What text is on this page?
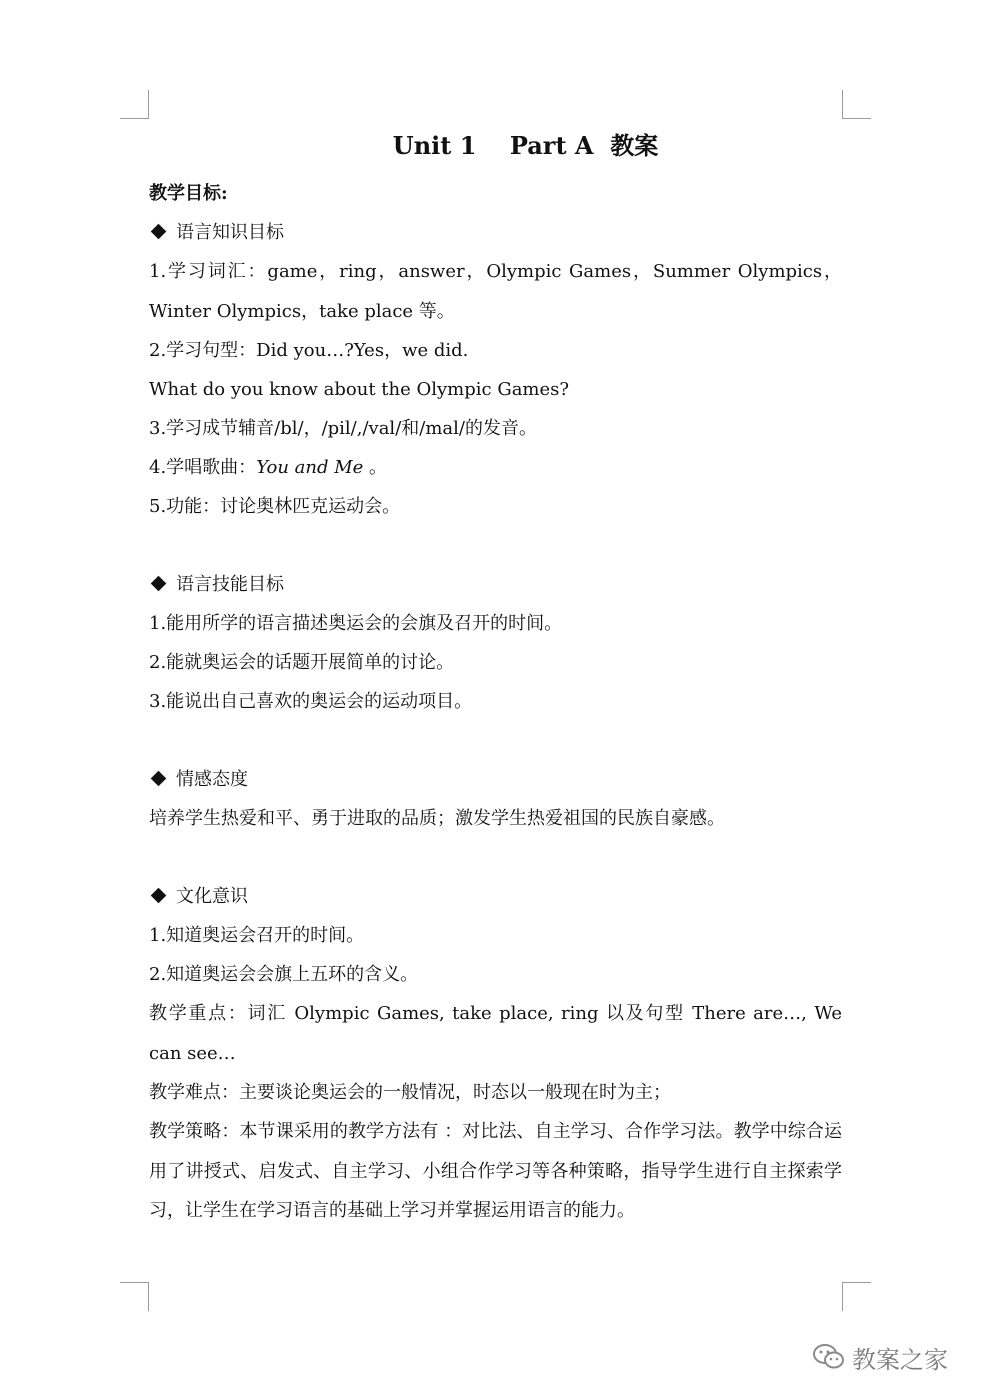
Unit 1    Part A  教案
教学目标:
语言知识目标

1.学习词汇：game，ring，answer，Olympic Games，Summer Olympics，Winter Olympics，take place 等。

2.学习句型：Did you…?Yes，we did.
What do you know about the Olympic Games?
3.学习成节辅音/bl/，/pil/,/val/和/mal/的发音。
4.学唱歌曲：You and Me 。
5.功能：讨论奥林匹克运动会。
语言技能目标
1.能用所学的语言描述奥运会的会旗及召开的时间。
2.能就奥运会的话题开展简单的讨论。
3.能说出自己喜欢的奥运会的运动项目。
情感态度
培养学生热爱和平、勇于进取的品质；激发学生热爱祖国的民族自豪感。
文化意识
1.知道奥运会召开的时间。
2.知道奥运会会旗上五环的含义。

教学重点：词汇 Olympic Games, take place, ring 以及句型 There are…, We can see…

教学难点：主要谈论奥运会的一般情况，时态以一般现在时为主；

教学策略：本节课采用的教学方法有 ：对比法、自主学习、合作学习法。教学中综合运用了讲授式、启发式、自主学习、小组合作学习等各种策略，指导学生进行自主探索学习，让学生在学习语言的基础上学习并掌握运用语言的能力。

教案之家
